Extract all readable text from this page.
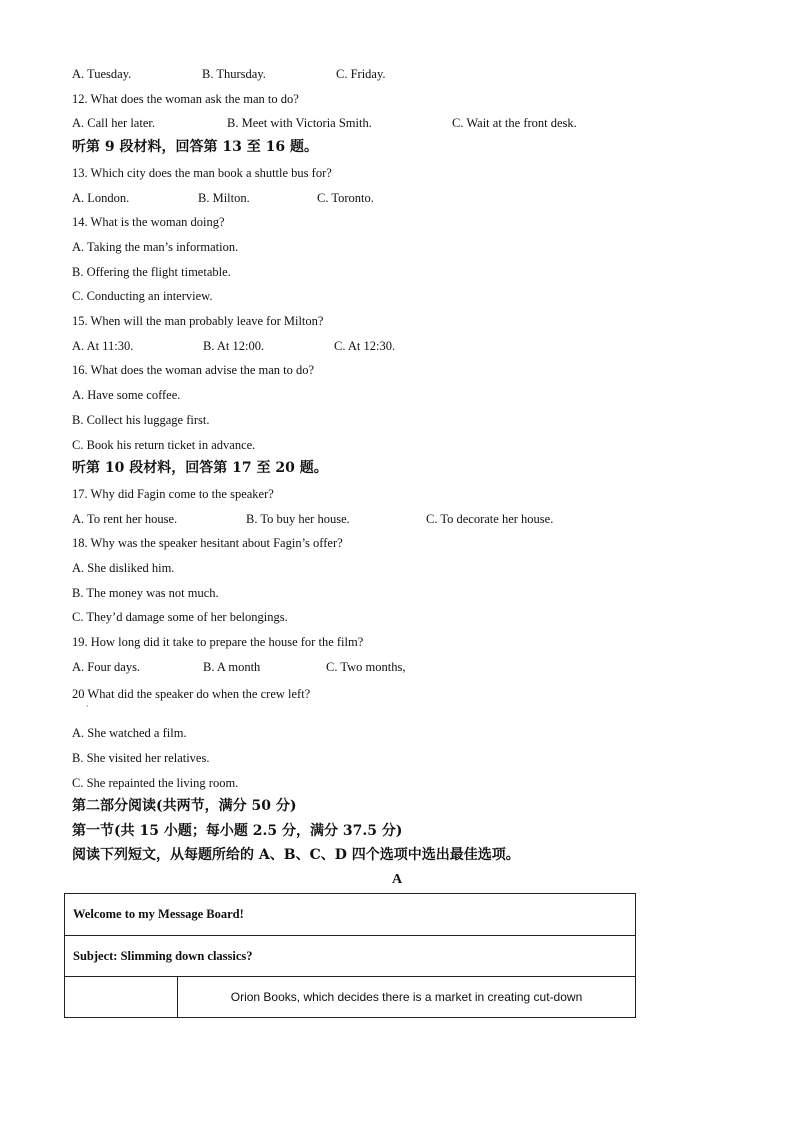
A. Tuesday.	B. Thursday.	C. Friday.
12. What does the woman ask the man to do?
A. Call her later.	B. Meet with Victoria Smith.	C. Wait at the front desk.
听第 9 段材料，回答第 13 至 16 题。
13. Which city does the man book a shuttle bus for?
A. London.	B. Milton.	C. Toronto.
14. What is the woman doing?
A. Taking the man’s information.
B. Offering the flight timetable.
C. Conducting an interview.
15. When will the man probably leave for Milton?
A. At 11:30.	B. At 12:00.	C. At 12:30.
16. What does the woman advise the man to do?
A. Have some coffee.
B. Collect his luggage first.
C. Book his return ticket in advance.
听第 10 段材料，回答第 17 至 20 题。
17. Why did Fagin come to the speaker?
A. To rent her house.	B. To buy her house.	C. To decorate her house.
18. Why was the speaker hesitant about Fagin’s offer?
A. She disliked him.
B. The money was not much.
C. They’d damage some of her belongings.
19. How long did it take to prepare the house for the film?
A. Four days.	B. A month	C. Two months,
20 What did the speaker do when the crew left?
·
A. She watched a film.
B. She visited her relatives.
C. She repainted the living room.
第二部分阅读(共两节，满分 50 分)
第一节(共 15 小题；每小题 2.5 分，满分 37.5 分)
阅读下列短文，从每题所给的 A、B、C、D 四个选项中选出最佳选项。
A
Welcome to my Message Board!
Subject: Slimming down classics?
	Orion Books, which decides there is a market in creating cut-down
